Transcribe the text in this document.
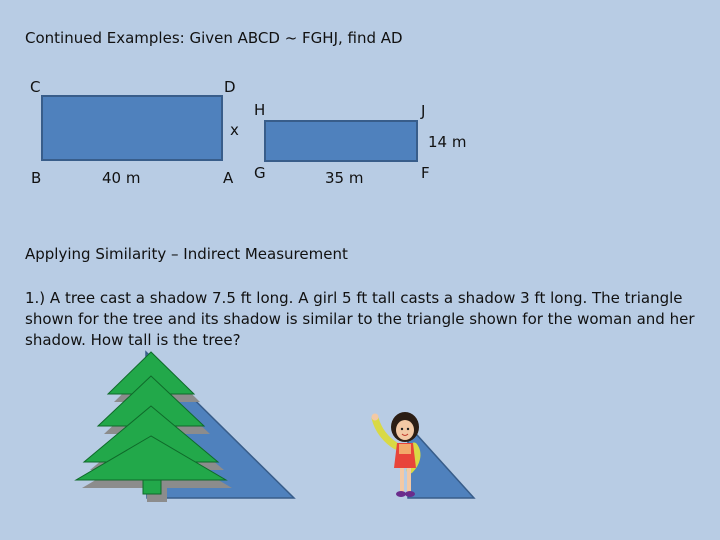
Continued Examples: Given ABCD ~ FGHJ, find AD
C	D
B	A
40 m
x
H	J
G	F
35 m
14 m
Applying Similarity – Indirect Measurement
1.) A tree cast a shadow 7.5 ft long. A girl 5 ft tall casts a shadow 3 ft long. The triangle shown for the tree and its shadow is similar to the triangle shown for the woman and her shadow. How tall is the tree?
